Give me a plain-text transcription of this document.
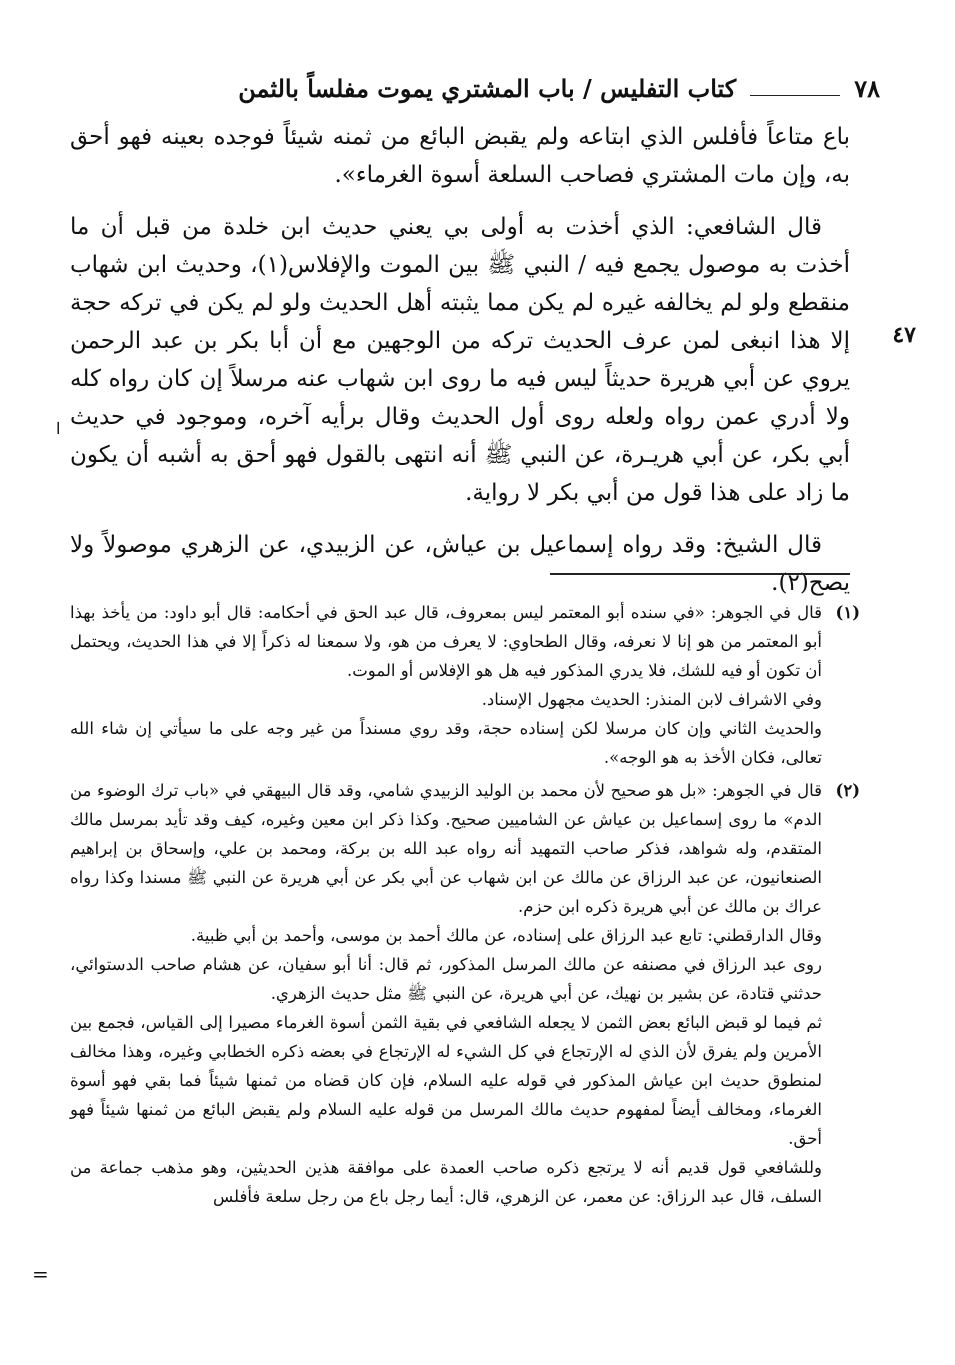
٧٨
كتاب التفليس / باب المشتري يموت مفلساً بالثمن

باع متاعاً فأفلس الذي ابتاعه ولم يقبض البائع من ثمنه شيئاً فوجده بعينه فهو أحق به، وإن مات المشتري فصاحب السلعة أسوة الغرماء».

قال الشافعي: الذي أخذت به أولى بي يعني حديث ابن خلدة من قبل أن ما أخذت به موصول يجمع فيه / النبي ﷺ بين الموت والإفلاس(١)، وحديث ابن شهاب منقطع ولو لم يخالفه غيره لم يكن مما يثبته أهل الحديث ولو لم يكن في تركه حجة إلا هذا انبغى لمن عرف الحديث تركه من الوجهين مع أن أبا بكر بن عبد الرحمن يروي عن أبي هريرة حديثاً ليس فيه ما روى ابن شهاب عنه مرسلاً إن كان رواه كله ولا أدري عمن رواه ولعله روى أول الحديث وقال برأيه آخره، وموجود في حديث أبي بكر، عن أبي هريـرة، عن النبي ﷺ أنه انتهى بالقول فهو أحق به أشبه أن يكون ما زاد على هذا قول من أبي بكر لا رواية.

قال الشيخ: وقد رواه إسماعيل بن عياش، عن الزبيدي، عن الزهري موصولاً ولا يصح(٢).

٤٧
ا
(١)

قال في الجوهر: «في سنده أبو المعتمر ليس بمعروف، قال عبد الحق في أحكامه: قال أبو داود: من يأخذ بهذا أبو المعتمر من هو إنا لا نعرفه، وقال الطحاوي: لا يعرف من هو، ولا سمعنا له ذكراً إلا في هذا الحديث، ويحتمل أن تكون أو فيه للشك، فلا يدري المذكور فيه هل هو الإفلاس أو الموت.

وفي الاشراف لابن المنذر: الحديث مجهول الإسناد.

والحديث الثاني وإن كان مرسلا لكن إسناده حجة، وقد روي مسنداً من غير وجه على ما سيأتي إن شاء الله تعالى، فكان الأخذ به هو الوجه».

(٢)

قال في الجوهر: «بل هو صحيح لأن محمد بن الوليد الزبيدي شامي، وقد قال البيهقي في «باب ترك الوضوء من الدم» ما روى إسماعيل بن عياش عن الشاميين صحيح. وكذا ذكر ابن معين وغيره، كيف وقد تأيد بمرسل مالك المتقدم، وله شواهد، فذكر صاحب التمهيد أنه رواه عبد الله بن بركة، ومحمد بن علي، وإسحاق بن إبراهيم الصنعانيون، عن عبد الرزاق عن مالك عن ابن شهاب عن أبي بكر عن أبي هريرة عن النبي ﷺ مسندا وكذا رواه عراك بن مالك عن أبي هريرة ذكره ابن حزم.

وقال الدارقطني: تابع عبد الرزاق على إسناده، عن مالك أحمد بن موسى، وأحمد بن أبي ظبية.

روى عبد الرزاق في مصنفه عن مالك المرسل المذكور، ثم قال: أنا أبو سفيان، عن هشام صاحب الدستوائي، حدثني قتادة، عن بشير بن نهيك، عن أبي هريرة، عن النبي ﷺ مثل حديث الزهري.

ثم فيما لو قبض البائع بعض الثمن لا يجعله الشافعي في بقية الثمن أسوة الغرماء مصيرا إلى القياس، فجمع بين الأمرين ولم يفرق لأن الذي له الإرتجاع في كل الشيء له الإرتجاع في بعضه ذكره الخطابي وغيره، وهذا مخالف لمنطوق حديث ابن عياش المذكور في قوله عليه السلام، فإن كان قضاه من ثمنها شيئاً فما بقي فهو أسوة الغرماء، ومخالف أيضاً لمفهوم حديث مالك المرسل من قوله عليه السلام ولم يقبض البائع من ثمنها شيئاً فهو أحق.

وللشافعي قول قديم أنه لا يرتجع ذكره صاحب العمدة على موافقة هذين الحديثين، وهو مذهب جماعة من السلف، قال عبد الرزاق: عن معمر، عن الزهري، قال: أيما رجل باع من رجل سلعة فأفلس

=
